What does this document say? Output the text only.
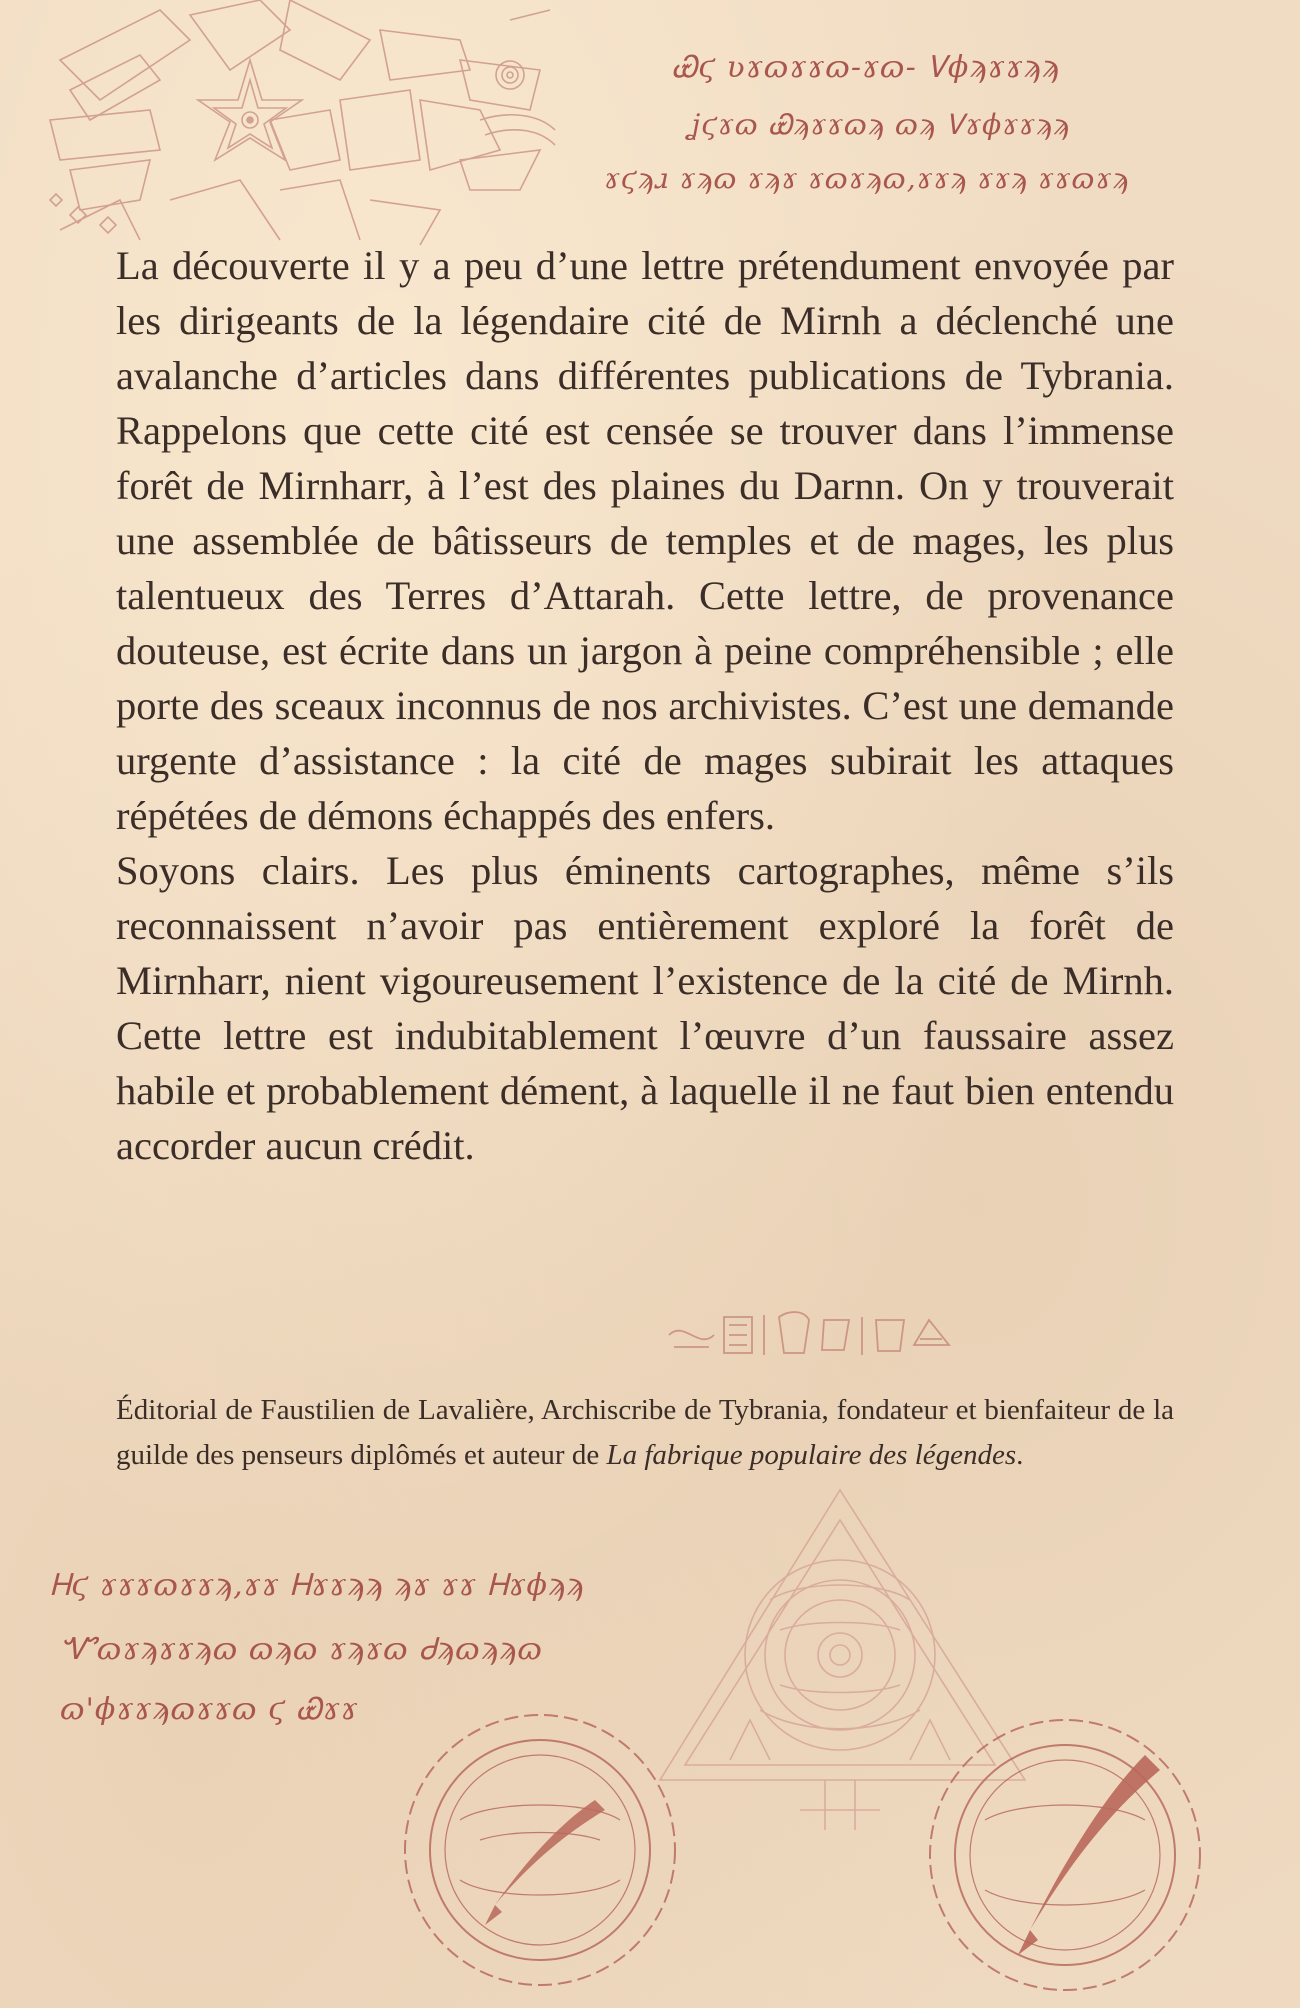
Ꮿϛ ʋɤɷɤɤɷ-ɤɷ- Ꮩϕϡɤɤϡϡ

ʝϛɤɷ Ꮿϡɤɤɷϡ ɷϡ Ꮩɤϕɤɤϡϡ

ɤϛϡɹ ɤϡɷ ɤϡɤ ɤɷɤϡɷ,ɤɤϡ ɤɤϡ ɤɤɷɤϡ

La découverte il y a peu d’une lettre prétendument envoyée par les dirigeants de la légendaire cité de Mirnh a déclenché une avalanche d’articles dans différentes publications de Tybrania. Rappelons que cette cité est censée se trouver dans l’immense forêt de Mirnharr, à l’est des plaines du Darnn. On y trouverait une assemblée de bâtisseurs de temples et de mages, les plus talentueux des Terres d’Attarah. Cette lettre, de provenance douteuse, est écrite dans un jargon à peine compréhensible ; elle porte des sceaux inconnus de nos archivistes. C’est une demande urgente d’assistance : la cité de mages subirait les attaques répétées de démons échappés des enfers.

Soyons clairs. Les plus éminents cartographes, même s’ils reconnaissent n’avoir pas entièrement exploré la forêt de Mirnharr, nient vigoureusement l’existence de la cité de Mirnh. Cette lettre est indubitablement l’œuvre d’un faussaire assez habile et probablement dément, à laquelle il ne faut bien entendu accorder aucun crédit.

Éditorial de Faustilien de Lavalière, Archiscribe de Tybrania, fondateur et bienfaiteur de la guilde des penseurs diplômés et auteur de La fabrique populaire des légendes.

Ꮋϛ ɤɤɤɷɤɤϡ,ɤɤ Ꮋɤɤϡϡ ϡɤ ɤɤ Ꮋɤϕϡϡ

Ꮙɷɤϡɤɤϡɷ ɷϡɷ ɤϡɤɷ Ꮷϡɷϡϡɷ

ɷ'ϕɤɤϡɷɤɤɷ ϛ Ꮿɤɤ
